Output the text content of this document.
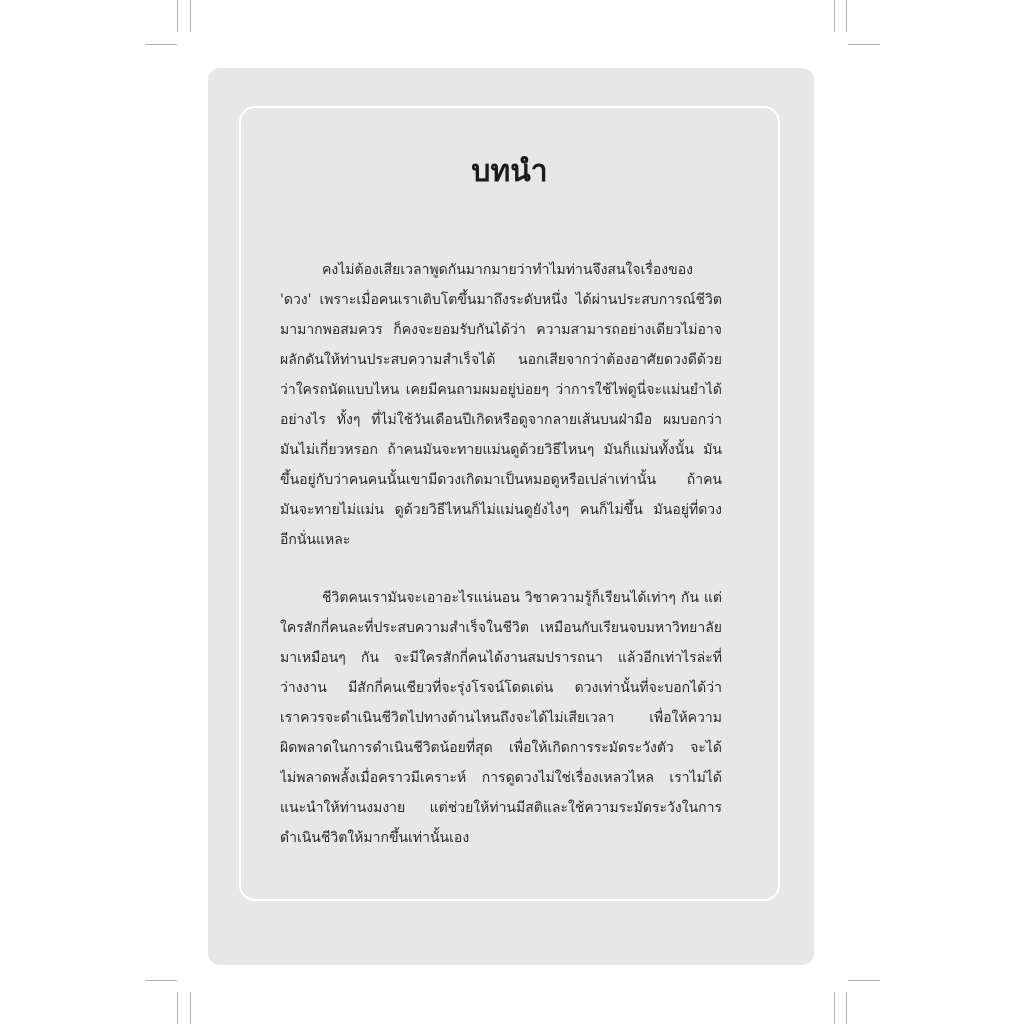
บทนำ

คงไม่ต้องเสียเวลาพูดกันมากมายว่าทำไมท่านจึงสนใจเรื่องของ

'ดวง' เพราะเมื่อคนเราเติบโตขึ้นมาถึงระดับหนึ่ง ได้ผ่านประสบการณ์ชีวิต

มามากพอสมควร ก็คงจะยอมรับกันได้ว่า ความสามารถอย่างเดียวไม่อาจ

ผลักดันให้ท่านประสบความสำเร็จได้ นอกเสียจากว่าต้องอาศัยดวงดีด้วย

ว่าใครถนัดแบบไหน เคยมีคนถามผมอยู่บ่อยๆ ว่าการใช้ไพ่ดูนี่จะแม่นยำได้

อย่างไร ทั้งๆ ที่ไม่ใช้วันเดือนปีเกิดหรือดูจากลายเส้นบนฝ่ามือ ผมบอกว่า

มันไม่เกี่ยวหรอก ถ้าคนมันจะทายแม่นดูด้วยวิธีไหนๆ มันก็แม่นทั้งนั้น มัน

ขึ้นอยู่กับว่าคนคนนั้นเขามีดวงเกิดมาเป็นหมอดูหรือเปล่าเท่านั้น ถ้าคน

มันจะทายไม่แม่น ดูด้วยวิธีไหนก็ไม่แม่นดูยังไงๆ คนก็ไม่ขึ้น มันอยู่ที่ดวง

อีกนั่นแหละ

ชีวิตคนเรามันจะเอาอะไรแน่นอน วิชาความรู้ก็เรียนได้เท่าๆ กัน แต่

ใครสักกี่คนละที่ประสบความสำเร็จในชีวิต เหมือนกับเรียนจบมหาวิทยาลัย

มาเหมือนๆ กัน จะมีใครสักกี่คนได้งานสมปรารถนา แล้วอีกเท่าไรล่ะที่

ว่างงาน มีสักกี่คนเชียวที่จะรุ่งโรจน์โดดเด่น ดวงเท่านั้นที่จะบอกได้ว่า

เราควรจะดำเนินชีวิตไปทางด้านไหนถึงจะได้ไม่เสียเวลา เพื่อให้ความ

ผิดพลาดในการดำเนินชีวิตน้อยที่สุด เพื่อให้เกิดการระมัดระวังตัว จะได้

ไม่พลาดพลั้งเมื่อคราวมีเคราะห์ การดูดวงไม่ใช่เรื่องเหลวไหล เราไม่ได้

แนะนำให้ท่านงมงาย แต่ช่วยให้ท่านมีสติและใช้ความระมัดระวังในการ

ดำเนินชีวิตให้มากขึ้นเท่านั้นเอง
